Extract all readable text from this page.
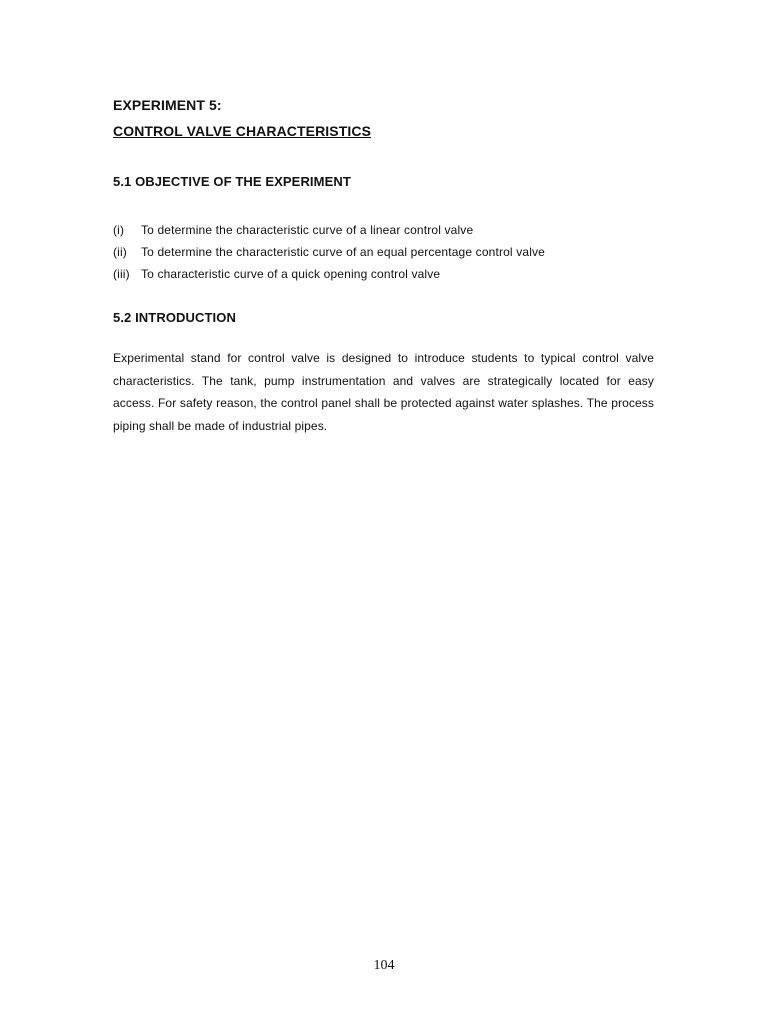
EXPERIMENT 5:

CONTROL VALVE CHARACTERISTICS

5.1 OBJECTIVE OF THE EXPERIMENT
(i)	To determine the characteristic curve of a linear control valve
(ii)	To determine the characteristic curve of an equal percentage control valve
(iii) To characteristic curve of a quick opening control valve
5.2 INTRODUCTION

Experimental stand for control valve is designed to introduce students to typical control valve characteristics. The tank, pump instrumentation and valves are strategically located for easy access. For safety reason, the control panel shall be protected against water splashes. The process piping shall be made of industrial pipes.

104
